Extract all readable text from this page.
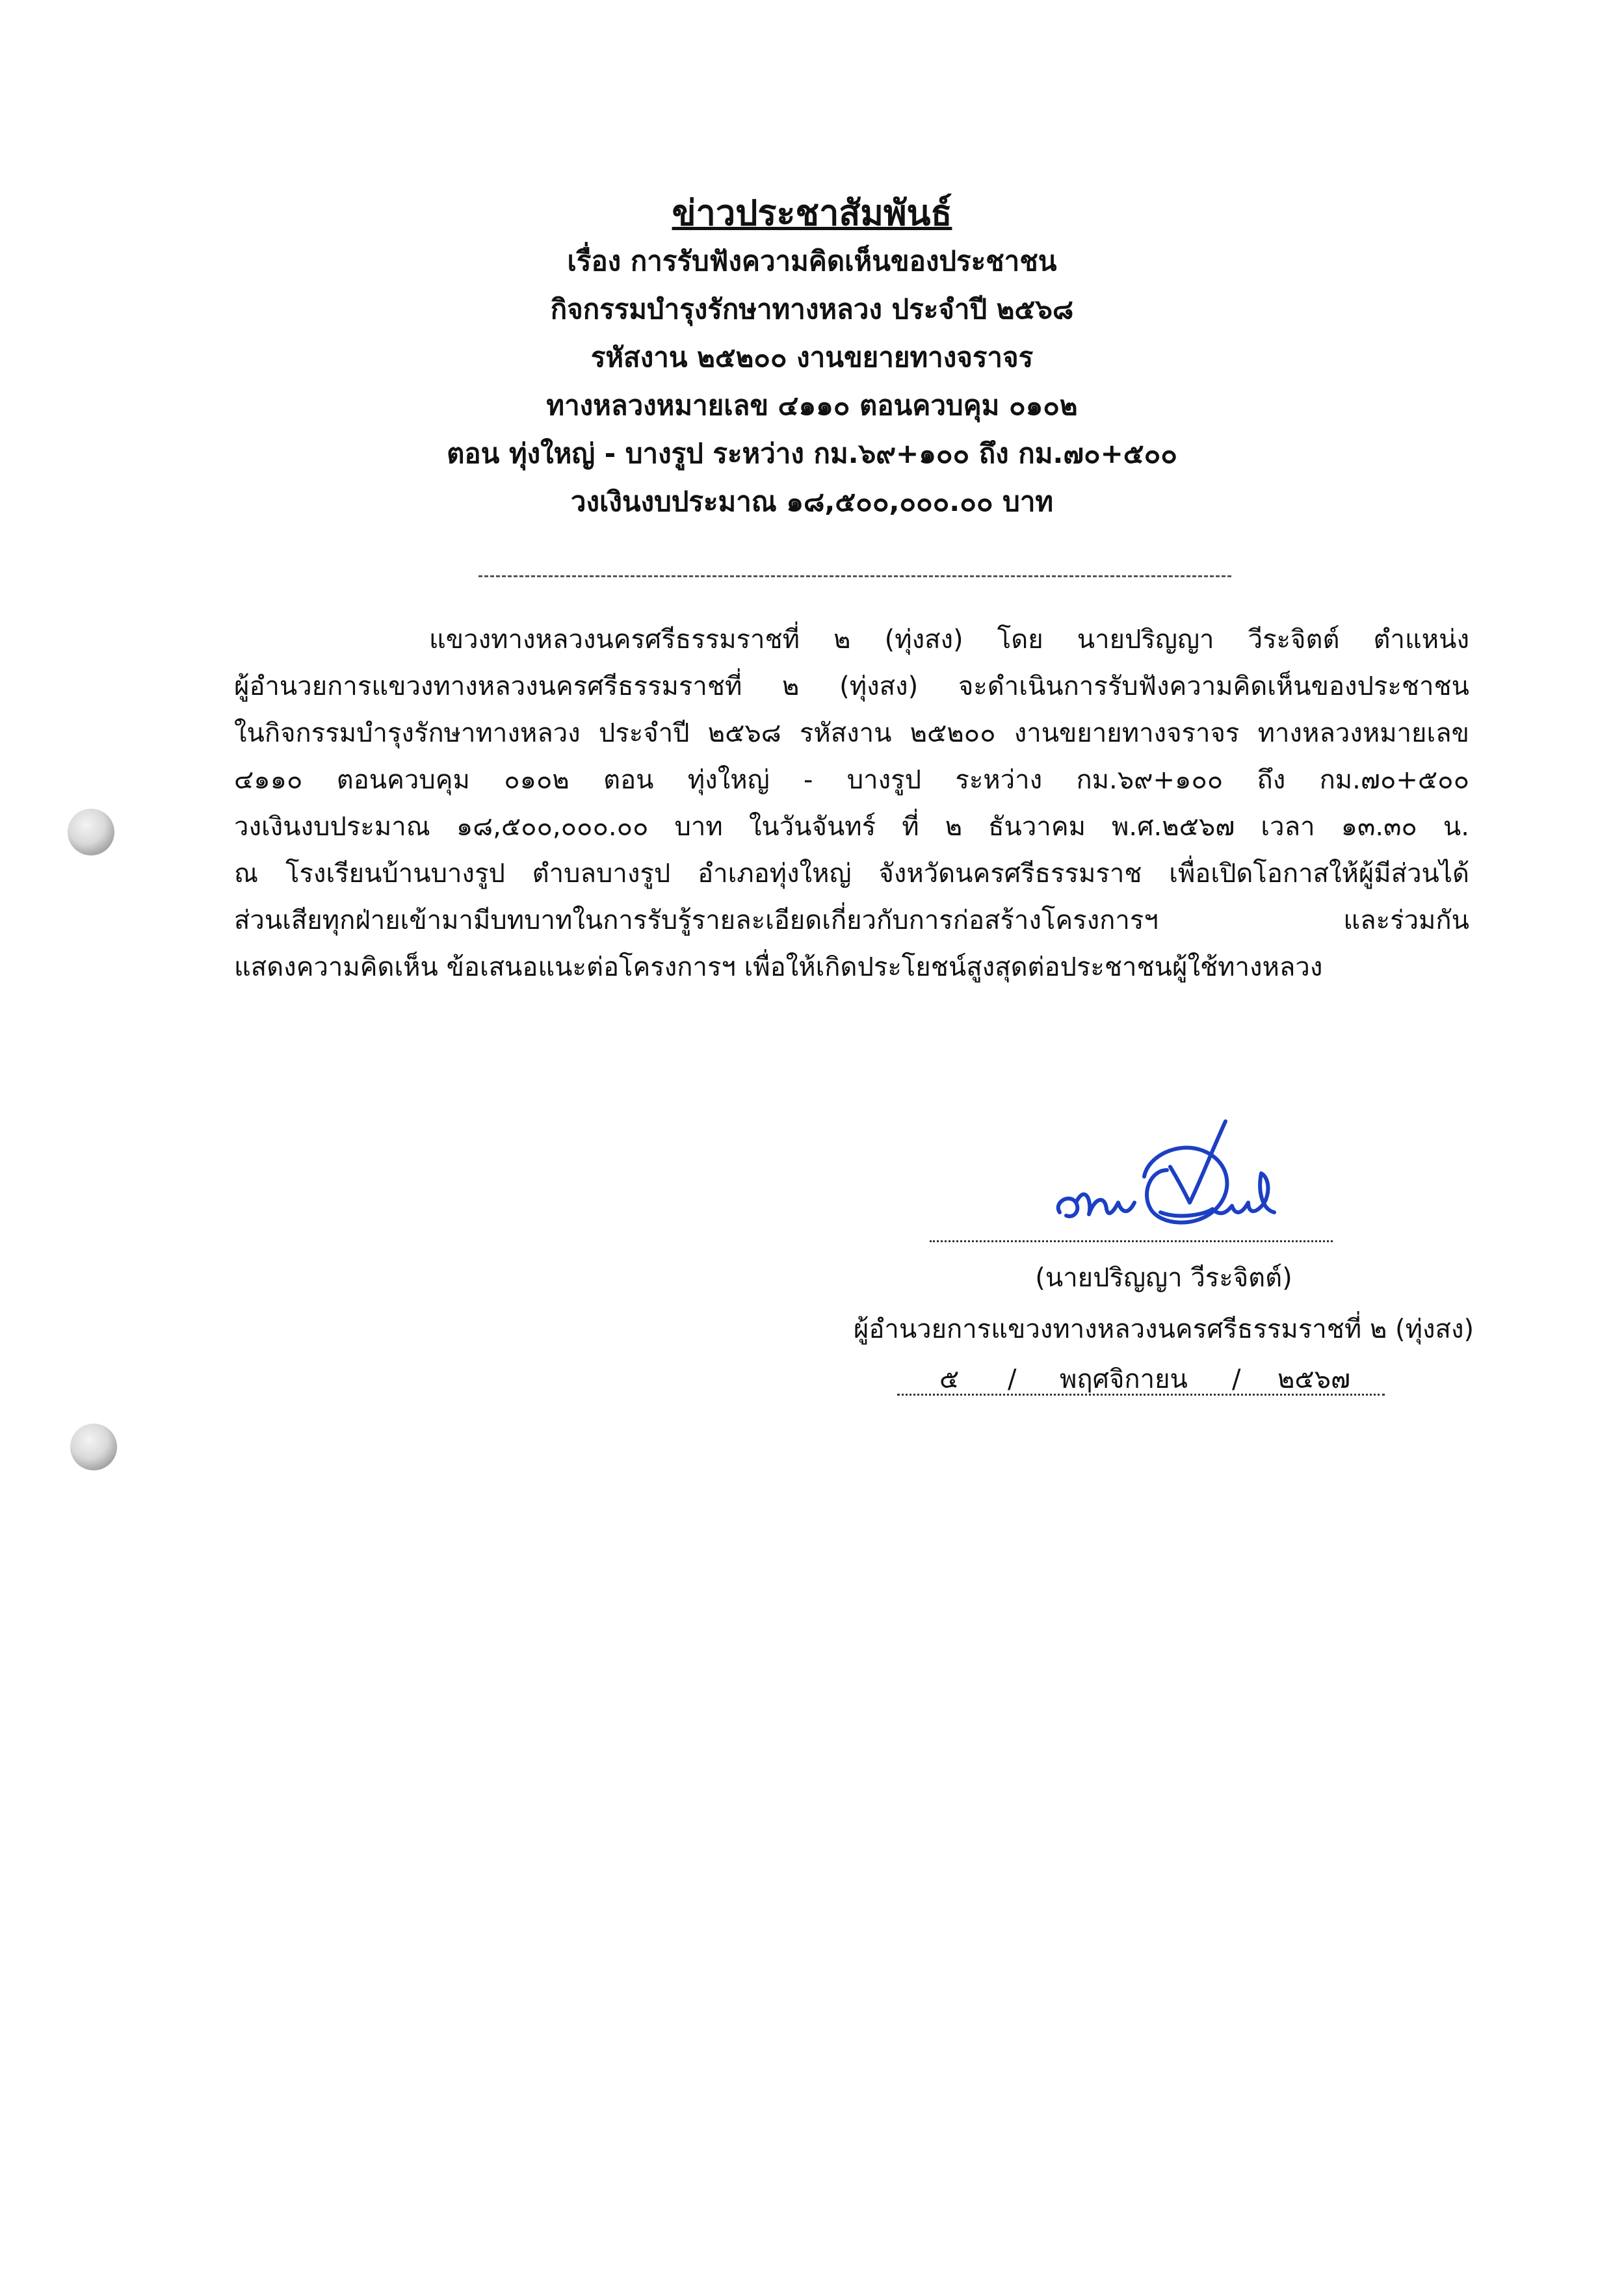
ข่าวประชาสัมพันธ์
เรื่อง การรับฟังความคิดเห็นของประชาชน
กิจกรรมบำรุงรักษาทางหลวง ประจำปี ๒๕๖๘
รหัสงาน ๒๕๒๐๐ งานขยายทางจราจร
ทางหลวงหมายเลข ๔๑๑๐ ตอนควบคุม ๐๑๐๒
ตอน ทุ่งใหญ่ - บางรูป ระหว่าง กม.๖๙+๑๐๐ ถึง กม.๗๐+๕๐๐
วงเงินงบประมาณ ๑๘,๕๐๐,๐๐๐.๐๐ บาท
แขวงทางหลวงนครศรีธรรมราชที่ ๒ (ทุ่งสง) โดย นายปริญญา วีระจิตต์ ตำแหน่ง
ผู้อำนวยการแขวงทางหลวงนครศรีธรรมราชที่ ๒ (ทุ่งสง) จะดำเนินการรับฟังความคิดเห็นของประชาชน
ในกิจกรรมบำรุงรักษาทางหลวง ประจำปี ๒๕๖๘ รหัสงาน ๒๕๒๐๐ งานขยายทางจราจร ทางหลวงหมายเลข
๔๑๑๐ ตอนควบคุม ๐๑๐๒ ตอน ทุ่งใหญ่ - บางรูป ระหว่าง กม.๖๙+๑๐๐ ถึง กม.๗๐+๕๐๐
วงเงินงบประมาณ ๑๘,๕๐๐,๐๐๐.๐๐ บาท ในวันจันทร์ ที่ ๒ ธันวาคม พ.ศ.๒๕๖๗ เวลา ๑๓.๓๐ น.
ณ โรงเรียนบ้านบางรูป ตำบลบางรูป อำเภอทุ่งใหญ่ จังหวัดนครศรีธรรมราช เพื่อเปิดโอกาสให้ผู้มีส่วนได้
ส่วนเสียทุกฝ่ายเข้ามามีบทบาทในการรับรู้รายละเอียดเกี่ยวกับการก่อสร้างโครงการฯ และร่วมกัน
แสดงความคิดเห็น ข้อเสนอแนะต่อโครงการฯ เพื่อให้เกิดประโยชน์สูงสุดต่อประชาชนผู้ใช้ทางหลวง
(นายปริญญา วีระจิตต์)
ผู้อำนวยการแขวงทางหลวงนครศรีธรรมราชที่ ๒ (ทุ่งสง)
๕ / พฤศจิกายน / ๒๕๖๗
